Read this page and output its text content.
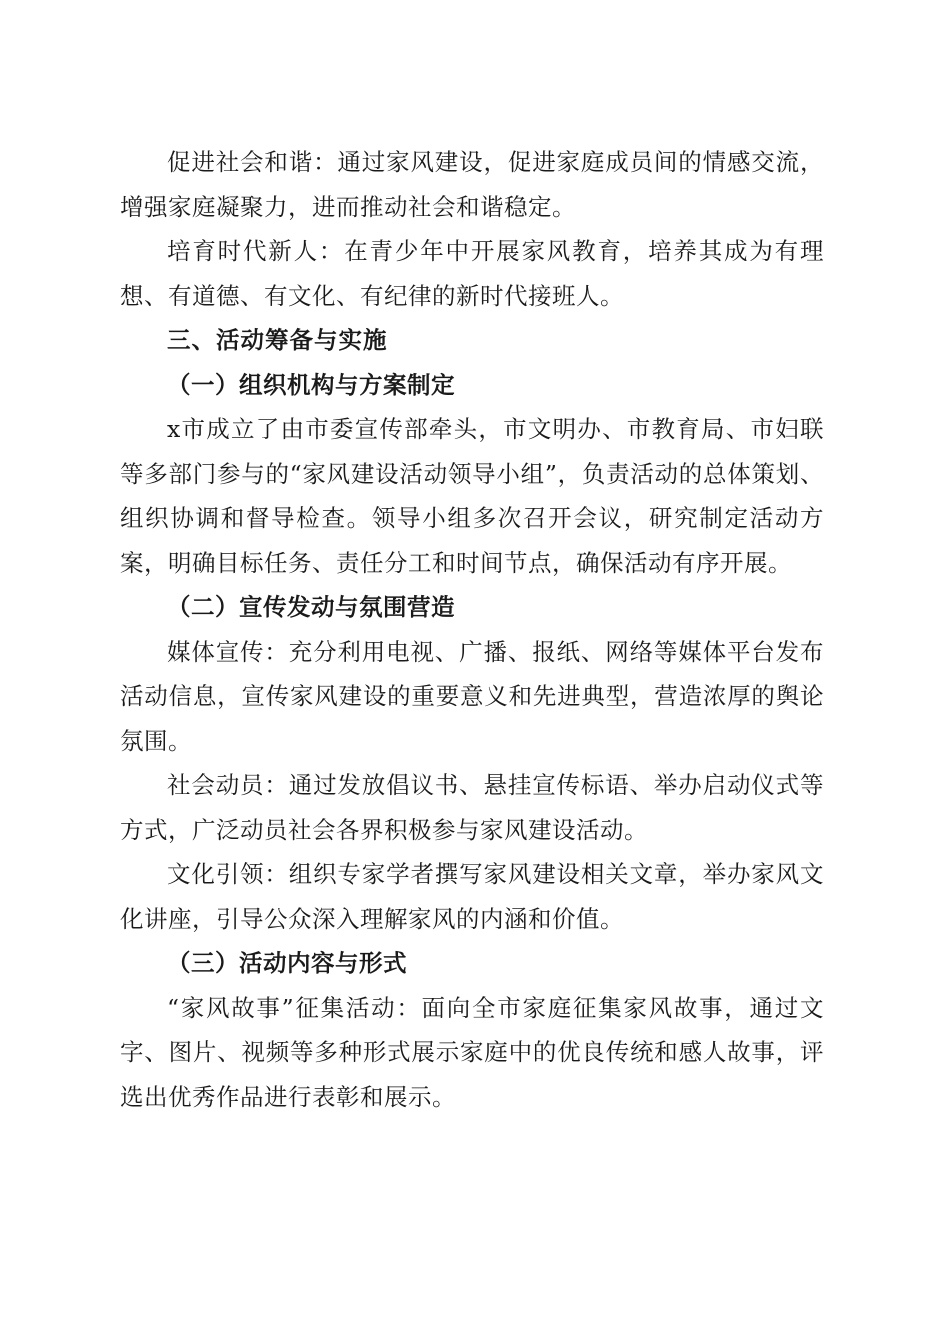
促进社会和谐：通过家风建设，促进家庭成员间的情感交流，增强家庭凝聚力，进而推动社会和谐稳定。

培育时代新人：在青少年中开展家风教育，培养其成为有理想、有道德、有文化、有纪律的新时代接班人。

三、活动筹备与实施

（一）组织机构与方案制定

x市成立了由市委宣传部牵头，市文明办、市教育局、市妇联等多部门参与的“家风建设活动领导小组”，负责活动的总体策划、组织协调和督导检查。领导小组多次召开会议，研究制定活动方案，明确目标任务、责任分工和时间节点，确保活动有序开展。

（二）宣传发动与氛围营造

媒体宣传：充分利用电视、广播、报纸、网络等媒体平台发布活动信息，宣传家风建设的重要意义和先进典型，营造浓厚的舆论氛围。

社会动员：通过发放倡议书、悬挂宣传标语、举办启动仪式等方式，广泛动员社会各界积极参与家风建设活动。

文化引领：组织专家学者撰写家风建设相关文章，举办家风文化讲座，引导公众深入理解家风的内涵和价值。

（三）活动内容与形式

“家风故事”征集活动：面向全市家庭征集家风故事，通过文字、图片、视频等多种形式展示家庭中的优良传统和感人故事，评选出优秀作品进行表彰和展示。
